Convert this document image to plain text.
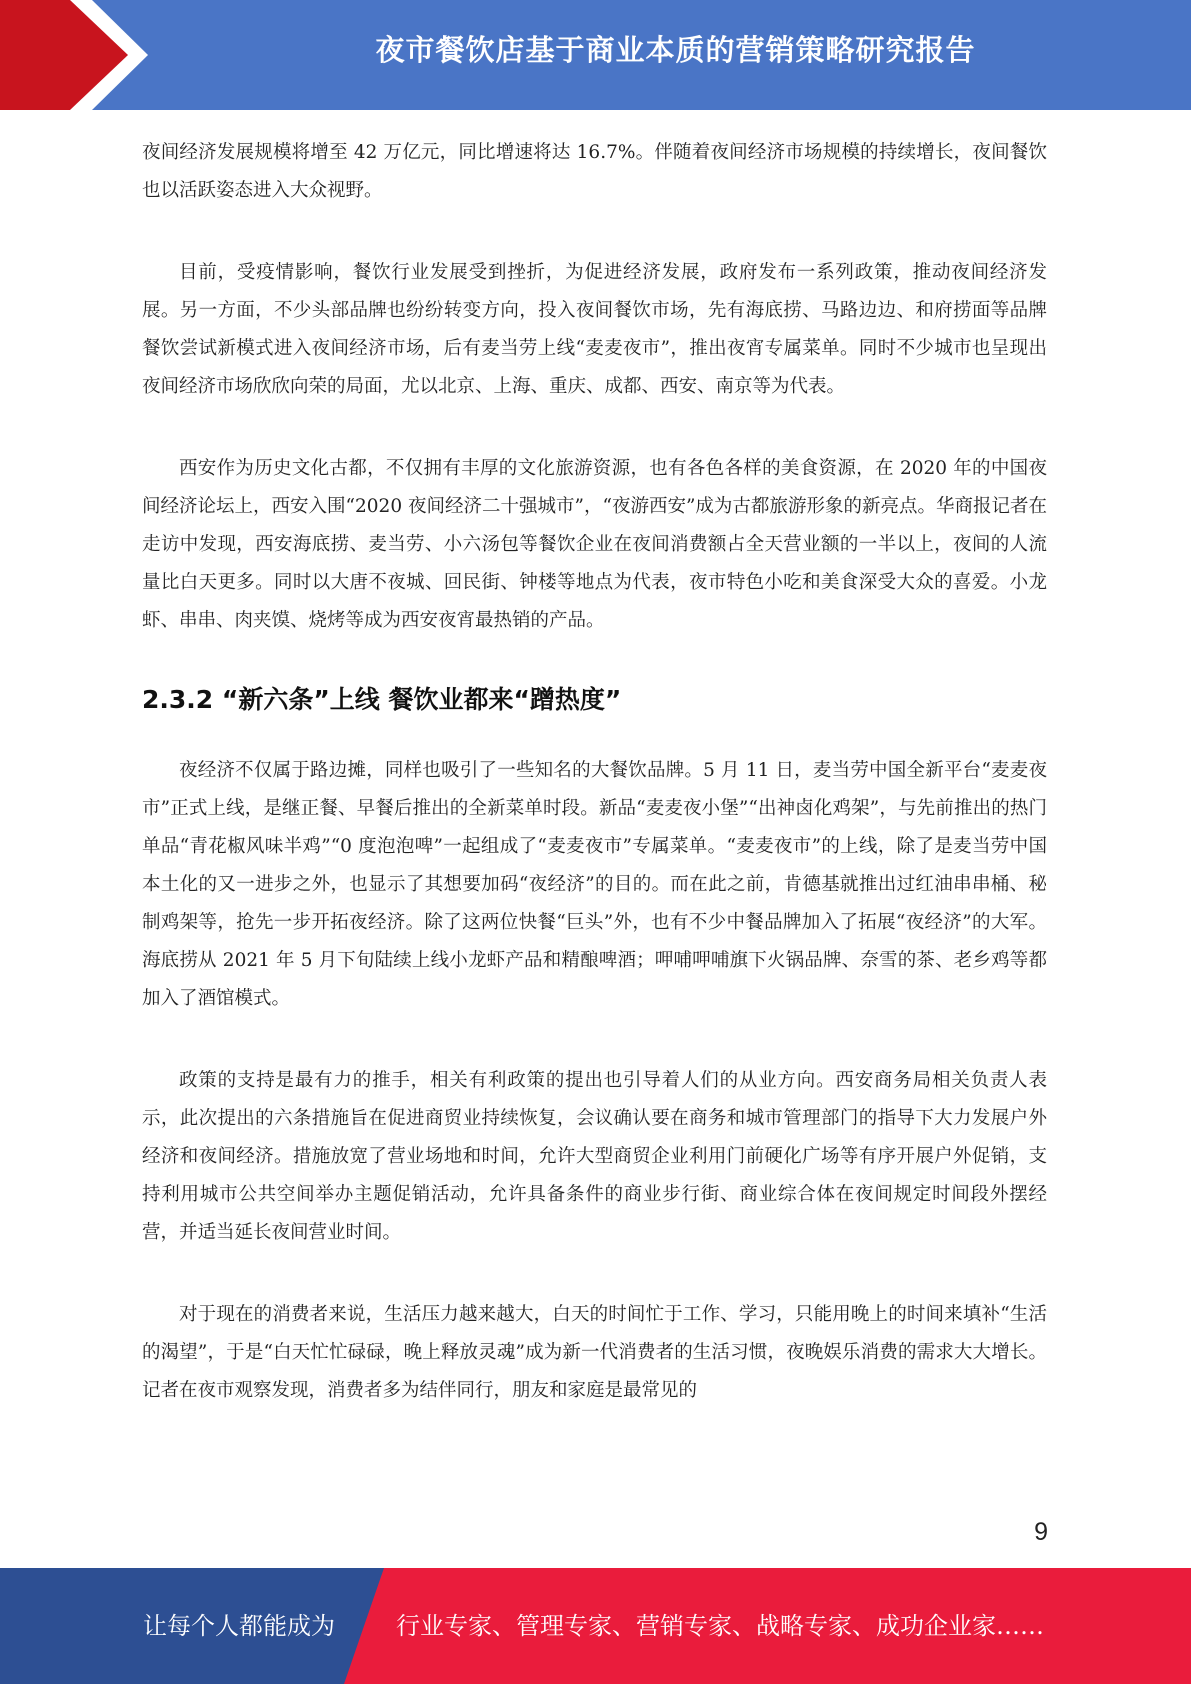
夜市餐饮店基于商业本质的营销策略研究报告

夜间经济发展规模将增至 42 万亿元，同比增速将达 16.7%。伴随着夜间经济市场规模的持续增长，夜间餐饮也以活跃姿态进入大众视野。

目前，受疫情影响，餐饮行业发展受到挫折，为促进经济发展，政府发布一系列政策，推动夜间经济发展。另一方面，不少头部品牌也纷纷转变方向，投入夜间餐饮市场，先有海底捞、马路边边、和府捞面等品牌餐饮尝试新模式进入夜间经济市场，后有麦当劳上线“麦麦夜市”，推出夜宵专属菜单。同时不少城市也呈现出夜间经济市场欣欣向荣的局面，尤以北京、上海、重庆、成都、西安、南京等为代表。

西安作为历史文化古都，不仅拥有丰厚的文化旅游资源，也有各色各样的美食资源，在 2020 年的中国夜间经济论坛上，西安入围“2020 夜间经济二十强城市”，“夜游西安”成为古都旅游形象的新亮点。华商报记者在走访中发现，西安海底捞、麦当劳、小六汤包等餐饮企业在夜间消费额占全天营业额的一半以上，夜间的人流量比白天更多。同时以大唐不夜城、回民街、钟楼等地点为代表，夜市特色小吃和美食深受大众的喜爱。小龙虾、串串、肉夹馍、烧烤等成为西安夜宵最热销的产品。

2.3.2 “新六条”上线 餐饮业都来“蹭热度”

夜经济不仅属于路边摊，同样也吸引了一些知名的大餐饮品牌。5 月 11 日，麦当劳中国全新平台“麦麦夜市”正式上线，是继正餐、早餐后推出的全新菜单时段。新品“麦麦夜小堡”“出神卤化鸡架”，与先前推出的热门单品“青花椒风味半鸡”“0 度泡泡啤”一起组成了“麦麦夜市”专属菜单。“麦麦夜市”的上线，除了是麦当劳中国本土化的又一进步之外，也显示了其想要加码“夜经济”的目的。而在此之前，肯德基就推出过红油串串桶、秘制鸡架等，抢先一步开拓夜经济。除了这两位快餐“巨头”外，也有不少中餐品牌加入了拓展“夜经济”的大军。海底捞从 2021 年 5 月下旬陆续上线小龙虾产品和精酿啤酒；呷哺呷哺旗下火锅品牌、奈雪的茶、老乡鸡等都加入了酒馆模式。

政策的支持是最有力的推手，相关有利政策的提出也引导着人们的从业方向。西安商务局相关负责人表示，此次提出的六条措施旨在促进商贸业持续恢复，会议确认要在商务和城市管理部门的指导下大力发展户外经济和夜间经济。措施放宽了营业场地和时间，允许大型商贸企业利用门前硬化广场等有序开展户外促销，支持利用城市公共空间举办主题促销活动，允许具备条件的商业步行街、商业综合体在夜间规定时间段外摆经营，并适当延长夜间营业时间。

对于现在的消费者来说，生活压力越来越大，白天的时间忙于工作、学习，只能用晚上的时间来填补“生活的渴望”，于是“白天忙忙碌碌，晚上释放灵魂”成为新一代消费者的生活习惯，夜晚娱乐消费的需求大大增长。记者在夜市观察发现，消费者多为结伴同行，朋友和家庭是最常见的

9
让每个人都能成为	行业专家、管理专家、营销专家、战略专家、成功企业家……
